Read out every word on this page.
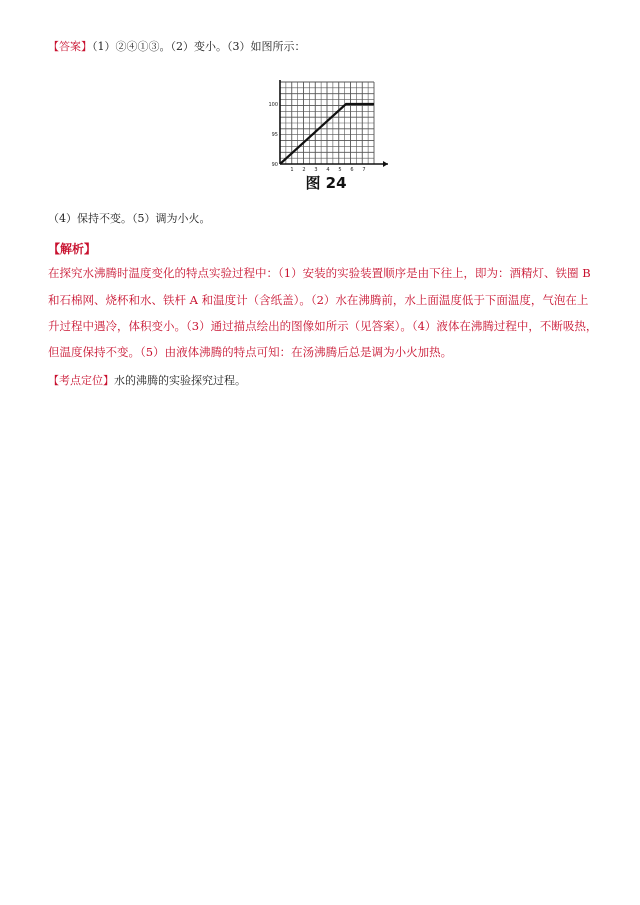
【答案】（1）②④①③。（2）变小。（3）如图所示：
100
95
90
1 2 3 4 5 6 7
图 24
（4）保持不变。（5）调为小火。
【解析】
在探究水沸腾时温度变化的特点实验过程中：（1）安装的实验装置顺序是由下往上，即为：酒精灯、铁圈 B
和石棉网、烧杯和水、铁杆 A 和温度计（含纸盖）。（2）水在沸腾前，水上面温度低于下面温度，气泡在上
升过程中遇冷，体积变小。（3）通过描点绘出的图像如所示（见答案）。（4）液体在沸腾过程中，不断吸热，
但温度保持不变。（5）由液体沸腾的特点可知：在汤沸腾后总是调为小火加热。
【考点定位】水的沸腾的实验探究过程。
